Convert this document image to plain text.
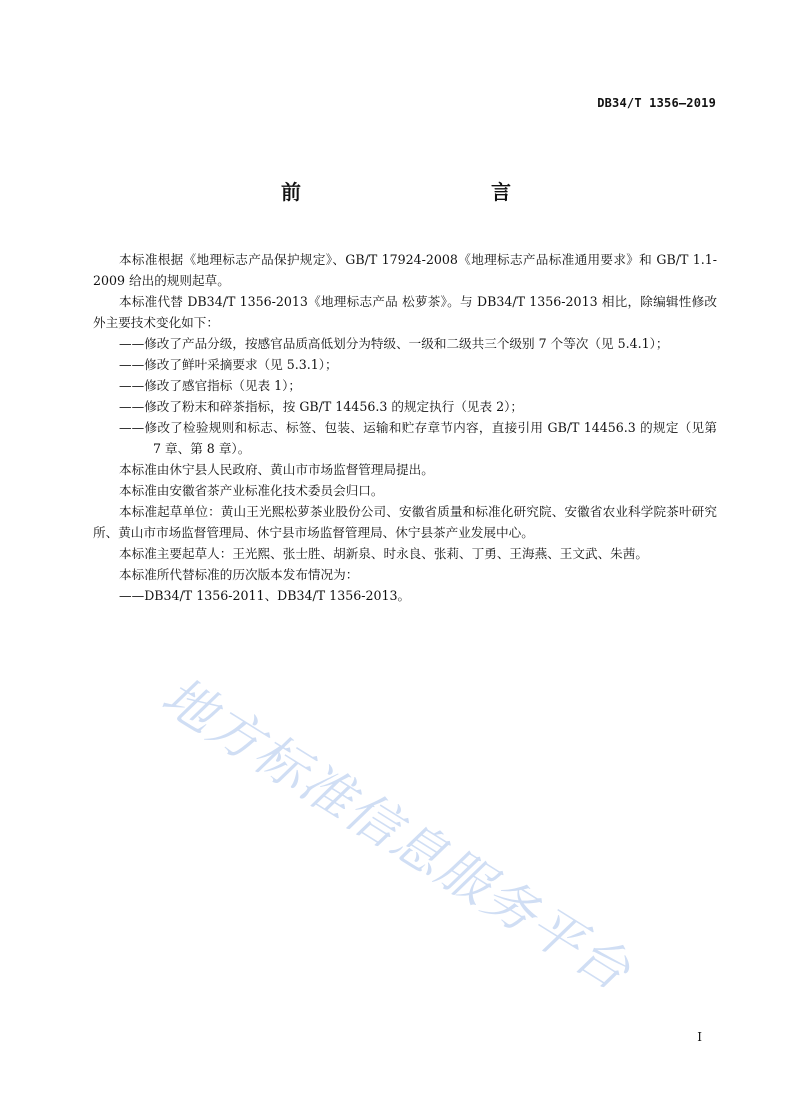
DB34/T 1356—2019
前　　言

本标准根据《地理标志产品保护规定》、GB/T 17924-2008《地理标志产品标准通用要求》和 GB/T 1.1-2009 给出的规则起草。

本标准代替 DB34/T 1356-2013《地理标志产品 松萝茶》。与 DB34/T 1356-2013 相比，除编辑性修改外主要技术变化如下：

——修改了产品分级，按感官品质高低划分为特级、一级和二级共三个级别 7 个等次（见 5.4.1）；

——修改了鲜叶采摘要求（见 5.3.1）；

——修改了感官指标（见表 1）；

——修改了粉末和碎茶指标，按 GB/T 14456.3 的规定执行（见表 2）；

——修改了检验规则和标志、标签、包装、运输和贮存章节内容，直接引用 GB/T 14456.3 的规定（见第 7 章、第 8 章）。

本标准由休宁县人民政府、黄山市市场监督管理局提出。

本标准由安徽省茶产业标准化技术委员会归口。

本标准起草单位：黄山王光熙松萝茶业股份公司、安徽省质量和标准化研究院、安徽省农业科学院茶叶研究所、黄山市市场监督管理局、休宁县市场监督管理局、休宁县茶产业发展中心。

本标准主要起草人：王光熙、张士胜、胡新泉、时永良、张莉、丁勇、王海燕、王文武、朱茜。

本标准所代替标准的历次版本发布情况为：

——DB34/T 1356-2011、DB34/T 1356-2013。

地方标准信息服务平台
I
